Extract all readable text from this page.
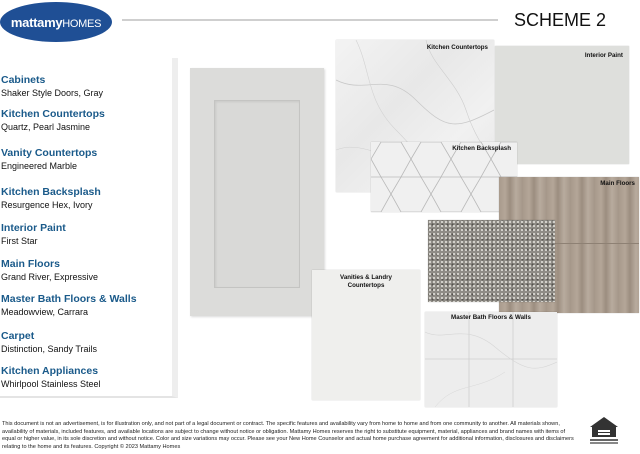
mattamyHOMES	SCHEME 2
Cabinets
Shaker Style Doors, Gray
Kitchen Countertops
Quartz, Pearl Jasmine
Vanity Countertops
Engineered Marble
Kitchen Backsplash
Resurgence Hex, Ivory
Interior Paint
First Star
Main Floors
Grand River, Expressive
Master Bath Floors & Walls
Meadowview, Carrara
Carpet
Distinction, Sandy Trails
Kitchen Appliances
Whirlpool Stainless Steel
Kitchen Countertops
Interior Paint
Kitchen Backsplash
Main Floors
Vanities & Landry
Countertops
Master Bath Floors & Walls
This document is not an advertisement, is for illustration only, and not part of a legal document or contract. The specific features and availability vary from home to home and from one community to another. All materials shown, availability of materials, included features, and available locations are subject to change without notice or obligation. Mattamy Homes reserves the right to substitute equipment, material, appliances and brand names with items of equal or higher value, in its sole discretion and without notice. Color and size variations may occur. Please see your New Home Counselor and actual home purchase agreement for additional information, disclosures and disclaimers relating to the home and its features. Copyright © 2023 Mattamy Homes
